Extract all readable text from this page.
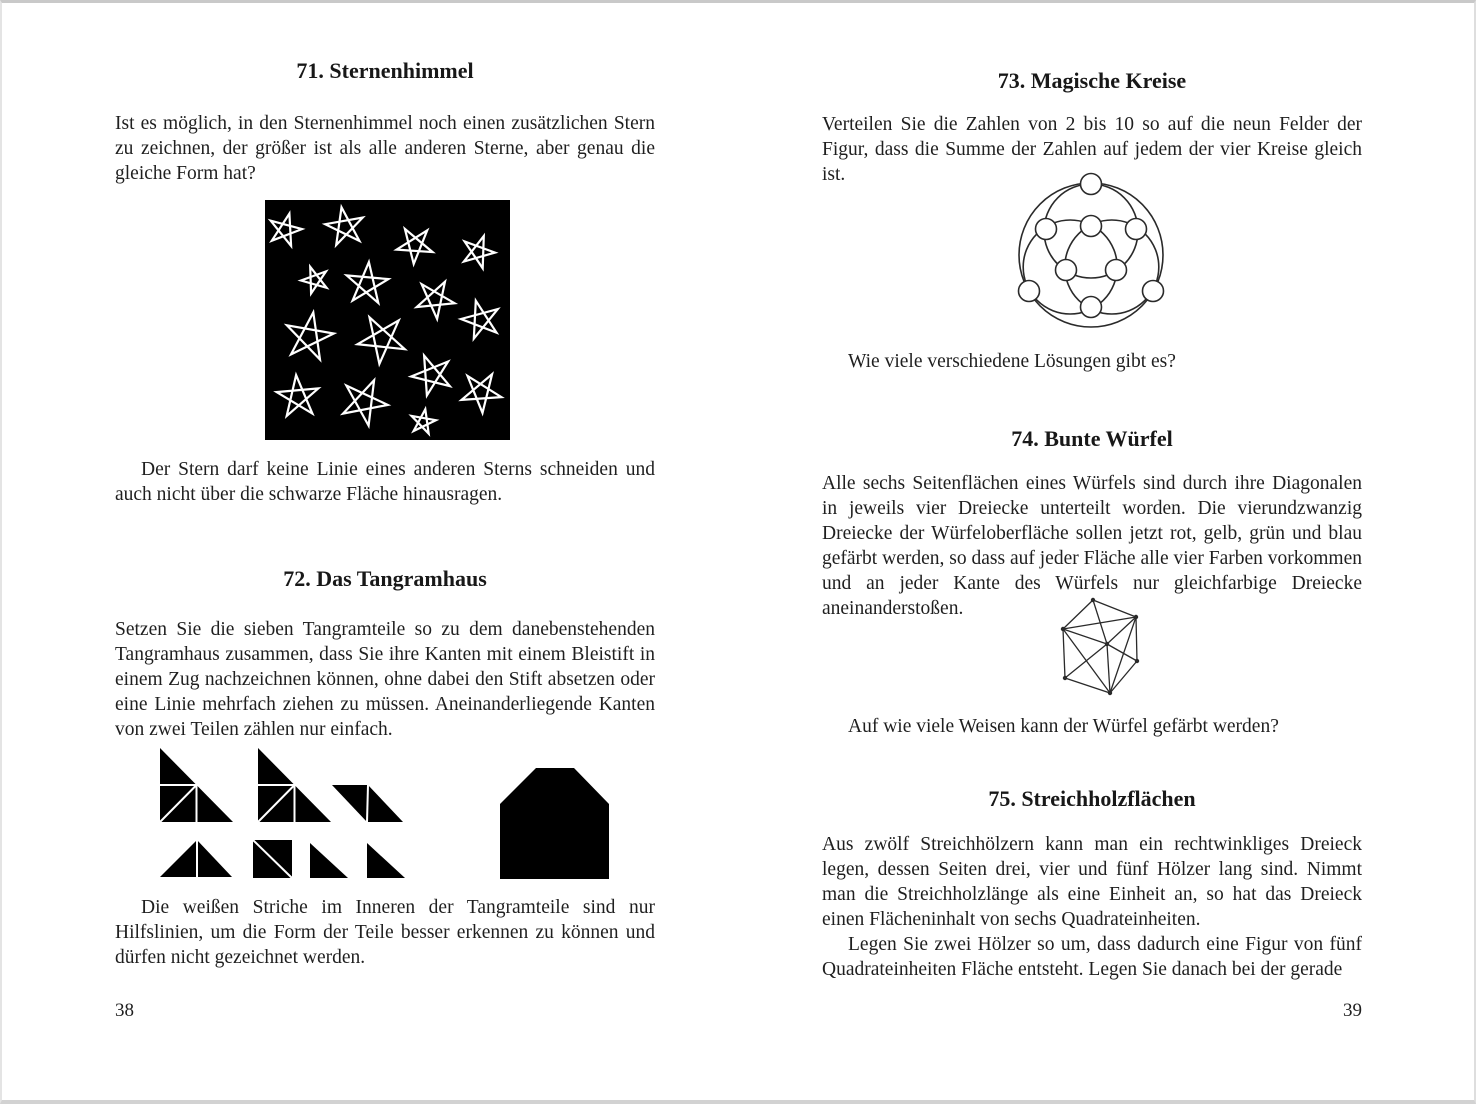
71. Sternenhimmel

Ist es möglich, in den Sternenhimmel noch einen zusätzlichen Stern zu zeichnen, der größer ist als alle anderen Sterne, aber genau die gleiche Form hat?

Der Stern darf keine Linie eines anderen Sterns schneiden und auch nicht über die schwarze Fläche hinausragen.

72. Das Tangramhaus

Setzen Sie die sieben Tangramteile so zu dem danebenstehenden Tangramhaus zusammen, dass Sie ihre Kanten mit einem Bleistift in einem Zug nachzeichnen können, ohne dabei den Stift absetzen oder eine Linie mehrfach ziehen zu müssen. Aneinanderliegende Kanten von zwei Teilen zählen nur einfach.

Die weißen Striche im Inneren der Tangramteile sind nur Hilfslinien, um die Form der Teile besser erkennen zu können und dürfen nicht gezeichnet werden.

38
73. Magische Kreise

Verteilen Sie die Zahlen von 2 bis 10 so auf die neun Felder der Figur, dass die Summe der Zahlen auf jedem der vier Kreise gleich ist.

Wie viele verschiedene Lösungen gibt es?

74. Bunte Würfel

Alle sechs Seitenflächen eines Würfels sind durch ihre Diagonalen in jeweils vier Dreiecke unterteilt worden. Die vierundzwanzig Dreiecke der Würfeloberfläche sollen jetzt rot, gelb, grün und blau gefärbt werden, so dass auf jeder Fläche alle vier Farben vorkommen und an jeder Kante des Würfels nur gleichfarbige Dreiecke aneinanderstoßen.

Auf wie viele Weisen kann der Würfel gefärbt werden?

75. Streichholzflächen

Aus zwölf Streichhölzern kann man ein rechtwinkliges Dreieck legen, dessen Seiten drei, vier und fünf Hölzer lang sind. Nimmt man die Streichholzlänge als eine Einheit an, so hat das Dreieck einen Flächeninhalt von sechs Quadrateinheiten.

Legen Sie zwei Hölzer so um, dass dadurch eine Figur von fünf Quadrateinheiten Fläche entsteht. Legen Sie danach bei der gerade

39
